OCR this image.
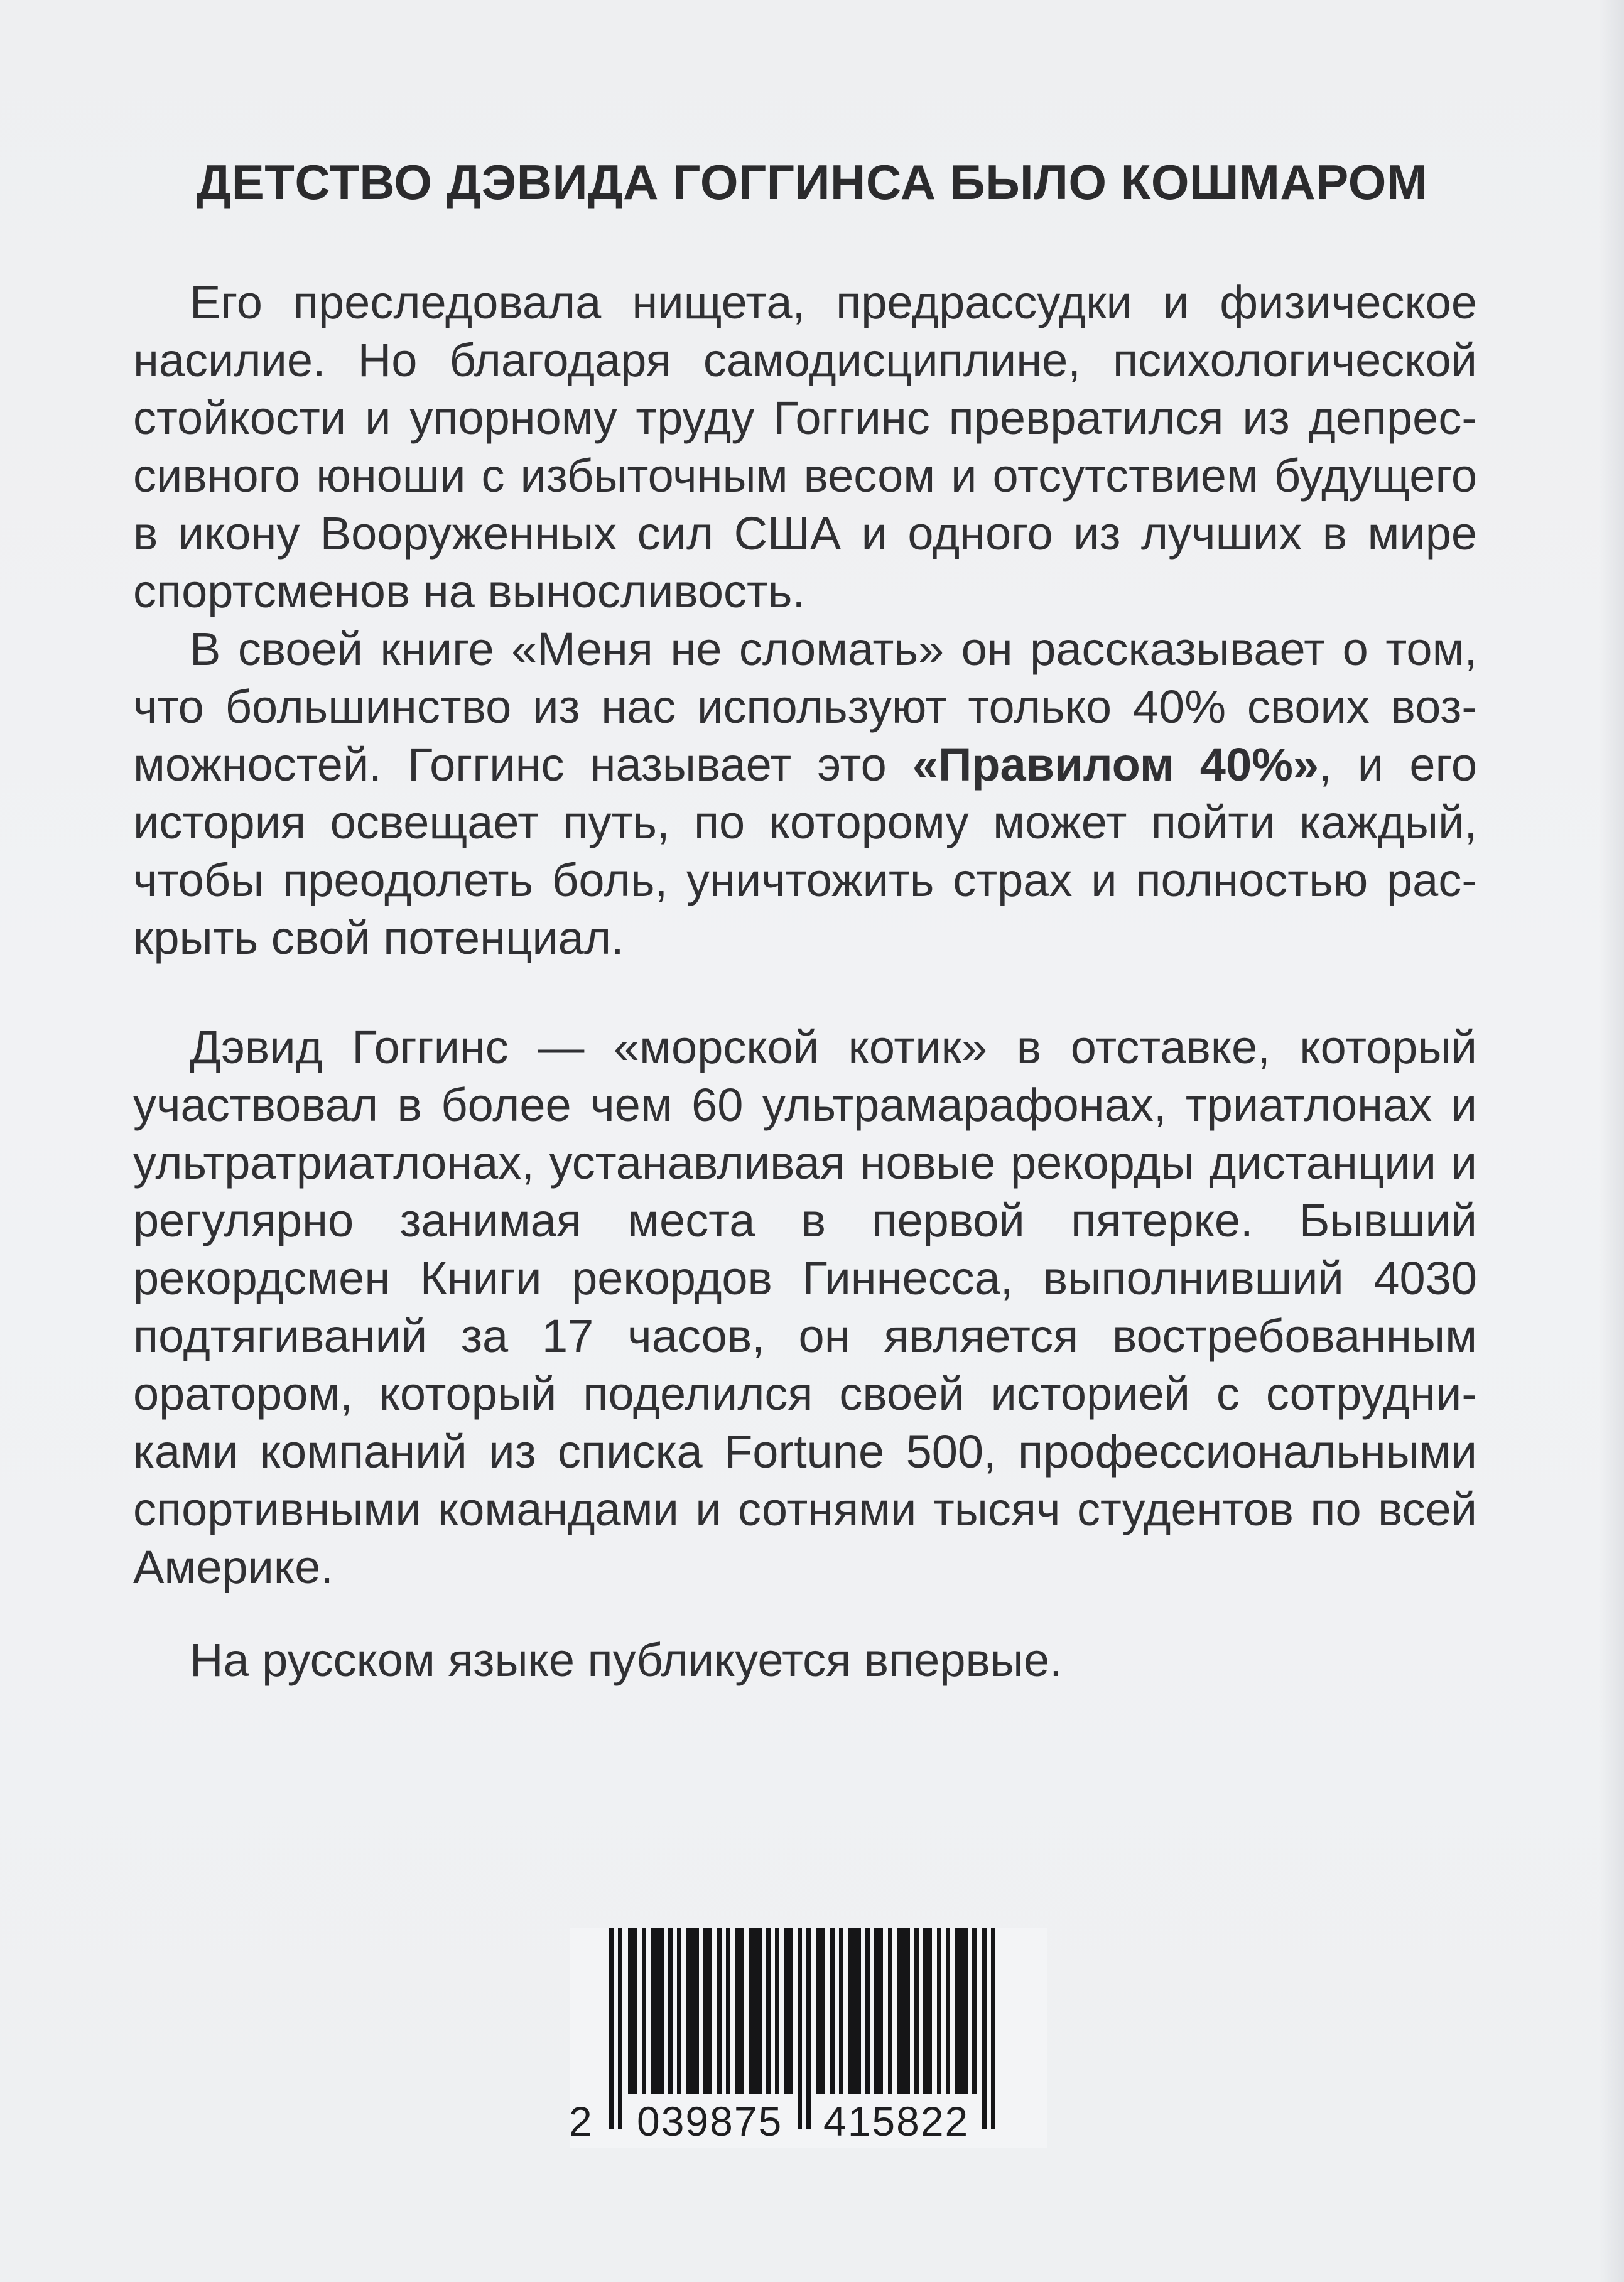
ДЕТСТВО ДЭВИДА ГОГГИНСА БЫЛО КОШМАРОМ

Его преследовала нищета, предрассудки и физическое насилие. Но благодаря самодисциплине, психологической стойкости и упорному труду Гоггинс превратился из депрессивного юноши с избыточным весом и отсутствием будущего в икону Вооруженных сил США и одного из лучших в мире спортсменов на выносливость.

В своей книге «Меня не сломать» он рассказывает о том, что большинство из нас используют только 40% своих возможностей. Гоггинс называет это «Правилом 40%», и его история освещает путь, по которому может пойти каждый, чтобы преодолеть боль, уничтожить страх и полностью раскрыть свой потенциал.

Дэвид Гоггинс — «морской котик» в отставке, который участвовал в более чем 60 ультрамарафонах, триатлонах и ультратриатлонах, устанавливая новые рекорды дистанции и регулярно занимая места в первой пятерке. Бывший рекордсмен Книги рекордов Гиннесса, выполнивший 4030 подтягиваний за 17 часов, он является востребованным оратором, который поделился своей историей с сотрудниками компаний из списка Fortune 500, профессиональными спортивными командами и сотнями тысяч студентов по всей Америке.

На русском языке публикуется впервые.

2 039875 415822
